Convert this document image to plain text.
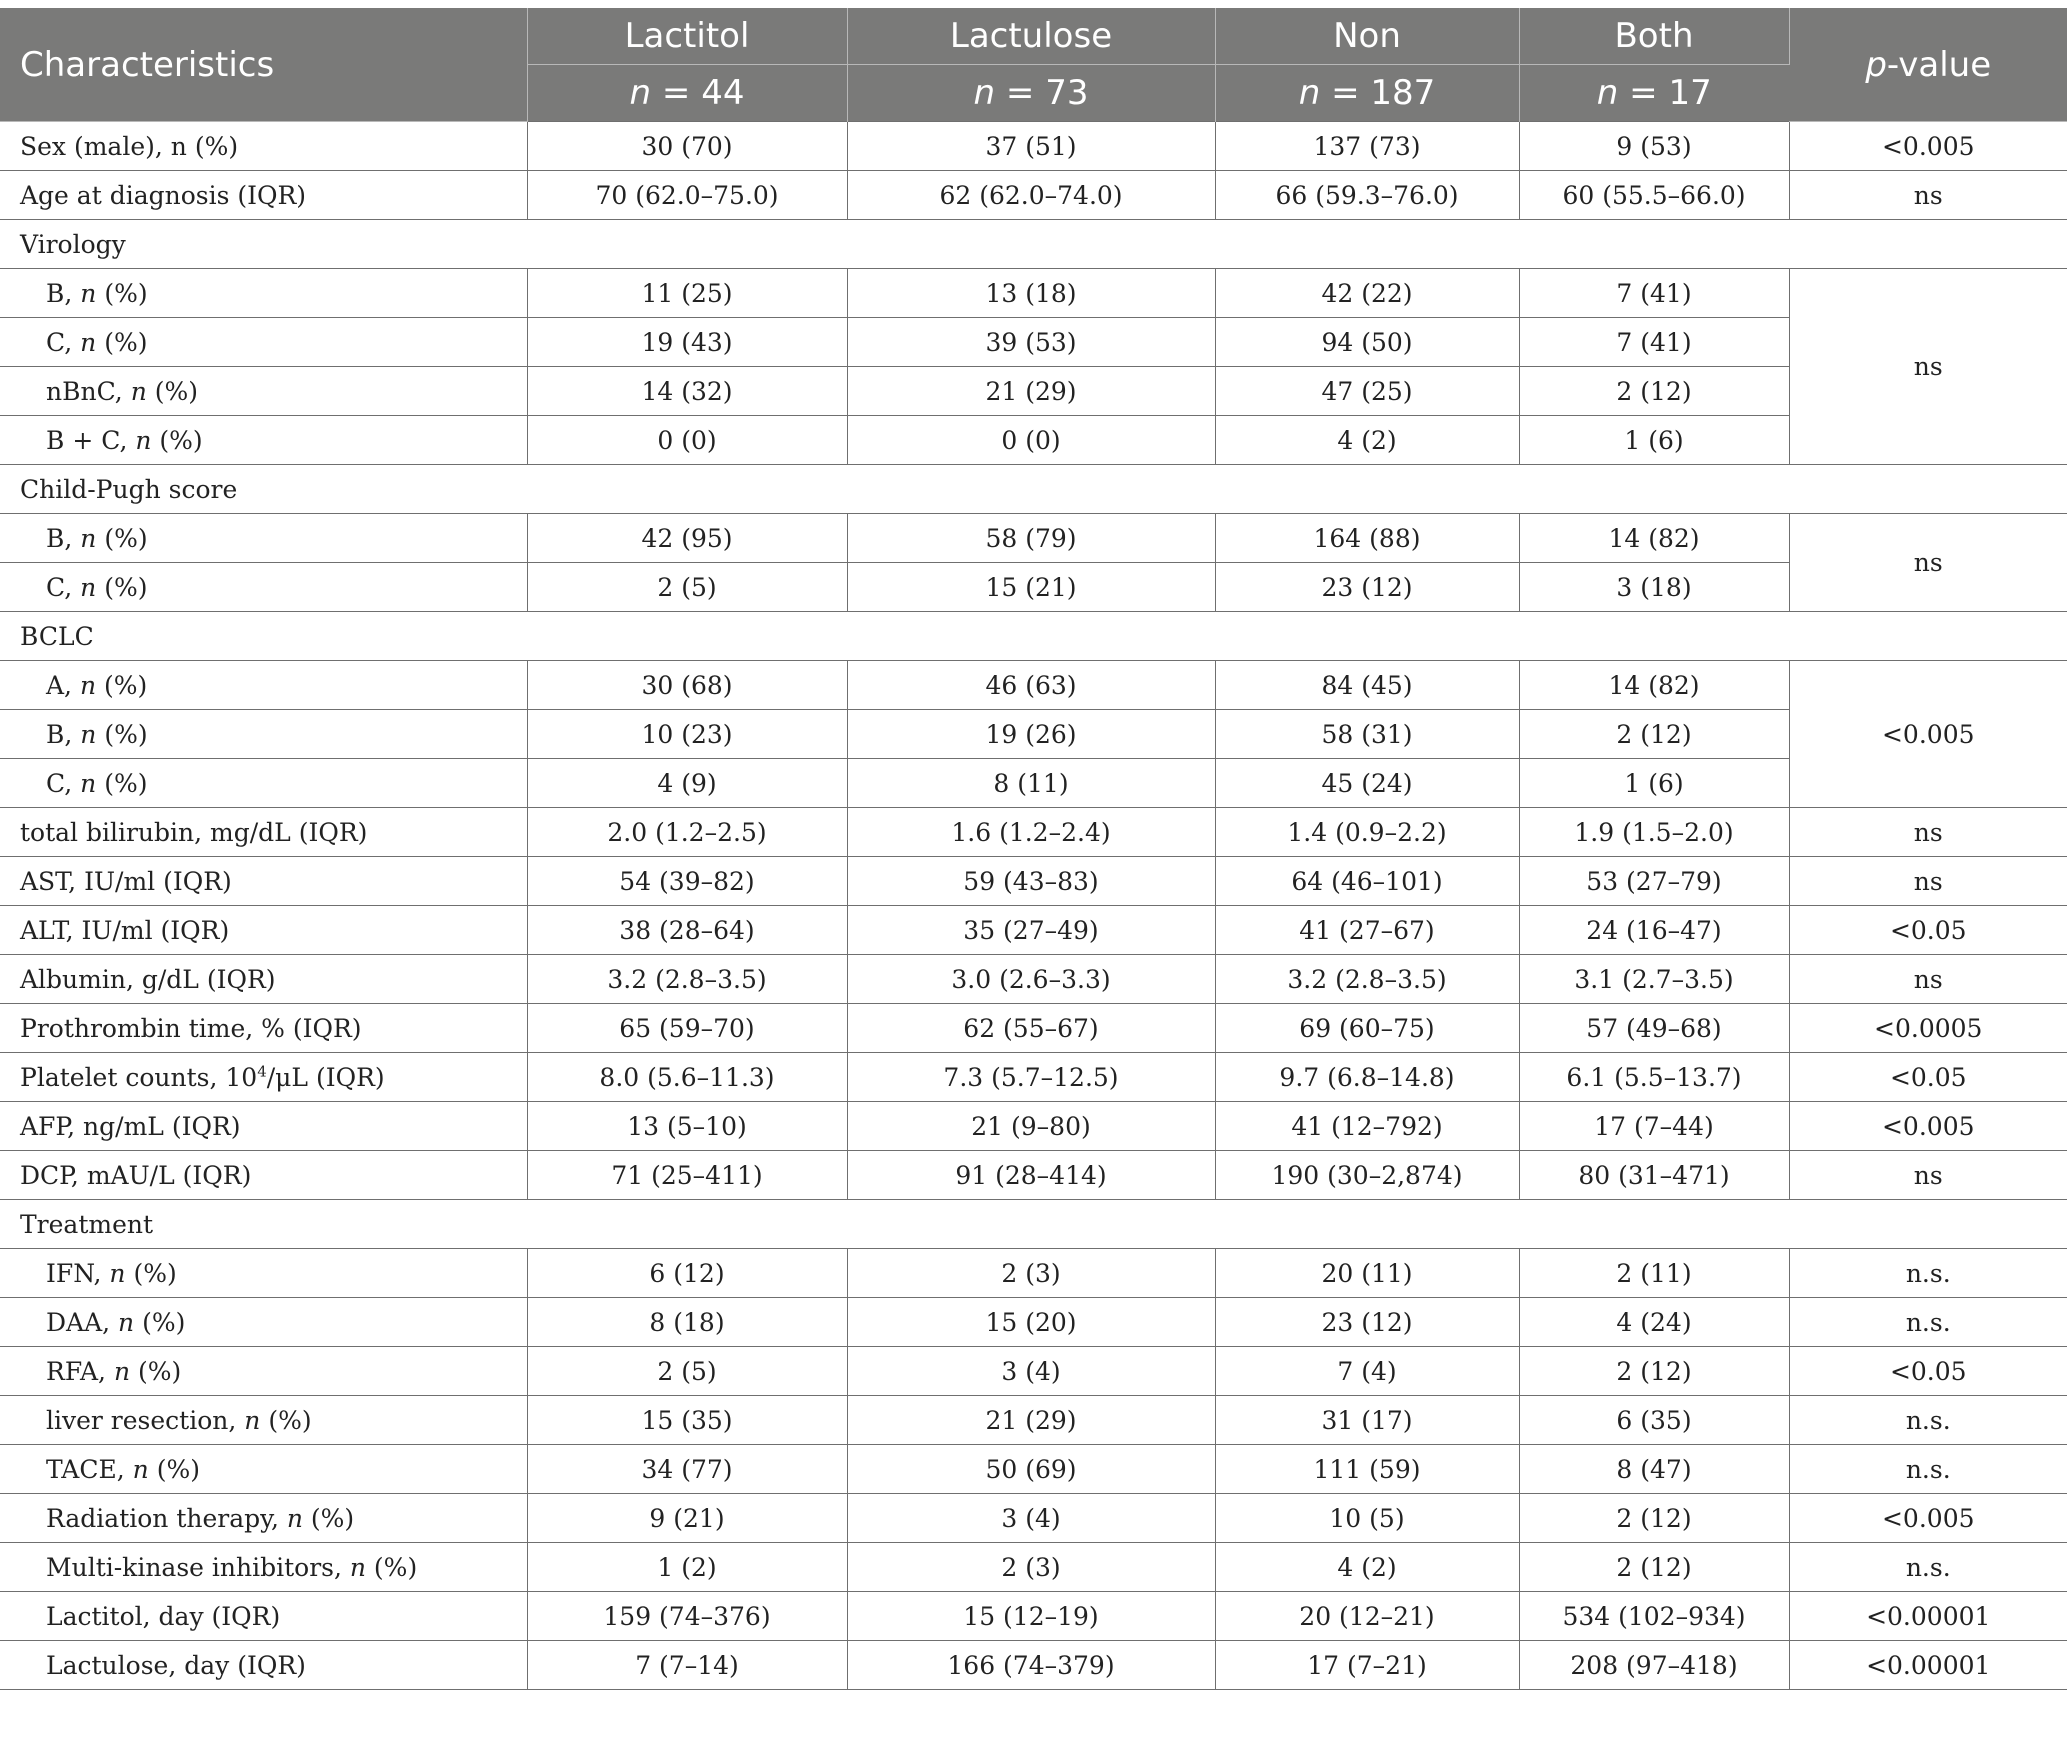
Characteristics	Lactitol	Lactulose	Non	Both	p-value
	n = 44	n = 73	n = 187	n = 17	
Sex (male), n (%)	30 (70)	37 (51)	137 (73)	9 (53)	<0.005
Age at diagnosis (IQR)	70 (62.0–75.0)	62 (62.0–74.0)	66 (59.3–76.0)	60 (55.5–66.0)	ns
Virology					
B, n (%)	11 (25)	13 (18)	42 (22)	7 (41)	ns
C, n (%)	19 (43)	39 (53)	94 (50)	7 (41)	
nBnC, n (%)	14 (32)	21 (29)	47 (25)	2 (12)	
B + C, n (%)	0 (0)	0 (0)	4 (2)	1 (6)	
Child-Pugh score					
B, n (%)	42 (95)	58 (79)	164 (88)	14 (82)	ns
C, n (%)	2 (5)	15 (21)	23 (12)	3 (18)	
BCLC					
A, n (%)	30 (68)	46 (63)	84 (45)	14 (82)	<0.005
B, n (%)	10 (23)	19 (26)	58 (31)	2 (12)	
C, n (%)	4 (9)	8 (11)	45 (24)	1 (6)	
total bilirubin, mg/dL (IQR)	2.0 (1.2–2.5)	1.6 (1.2–2.4)	1.4 (0.9–2.2)	1.9 (1.5–2.0)	ns
AST, IU/ml (IQR)	54 (39–82)	59 (43–83)	64 (46–101)	53 (27–79)	ns
ALT, IU/ml (IQR)	38 (28–64)	35 (27–49)	41 (27–67)	24 (16–47)	<0.05
Albumin, g/dL (IQR)	3.2 (2.8–3.5)	3.0 (2.6–3.3)	3.2 (2.8–3.5)	3.1 (2.7–3.5)	ns
Prothrombin time, % (IQR)	65 (59–70)	62 (55–67)	69 (60–75)	57 (49–68)	<0.0005
Platelet counts, $10^4/\mu L$ (IQR)	8.0 (5.6–11.3)	7.3 (5.7–12.5)	9.7 (6.8–14.8)	6.1 (5.5–13.7)	<0.05
AFP, ng/mL (IQR)	13 (5–10)	21 (9–80)	41 (12–792)	17 (7–44)	<0.005
DCP, mAU/L (IQR)	71 (25–411)	91 (28–414)	190 (30–2,874)	80 (31–471)	ns
Treatment					
IFN, n (%)	6 (12)	2 (3)	20 (11)	2 (11)	n.s.
DAA, n (%)	8 (18)	15 (20)	23 (12)	4 (24)	n.s.
RFA, n (%)	2 (5)	3 (4)	7 (4)	2 (12)	<0.05
liver resection, n (%)	15 (35)	21 (29)	31 (17)	6 (35)	n.s.
TACE, n (%)	34 (77)	50 (69)	111 (59)	8 (47)	n.s.
Radiation therapy, n (%)	9 (21)	3 (4)	10 (5)	2 (12)	<0.005
Multi-kinase inhibitors, n (%)	1 (2)	2 (3)	4 (2)	2 (12)	n.s.
Lactitol, day (IQR)	159 (74–376)	15 (12–19)	20 (12–21)	534 (102–934)	<0.00001
Lactulose, day (IQR)	7 (7–14)	166 (74–379)	17 (7–21)	208 (97–418)	<0.00001
